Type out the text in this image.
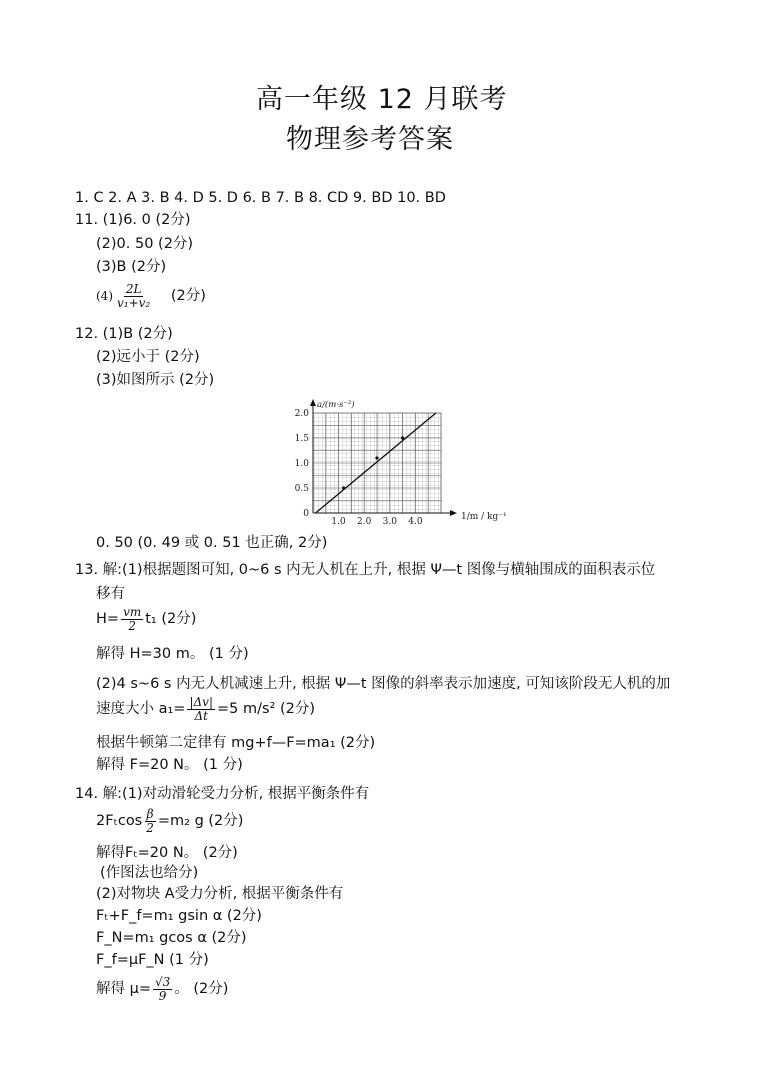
高一年级 12 月联考
物理参考答案
1. C 2. A 3. B 4. D 5. D 6. B 7. B 8. CD 9. BD 10. BD
11. (1)6. 0 (2分)
(2)0. 50 (2分)
(3)B (2分)
$(4) \frac{2L}{\text{v₁+v₂}} (2$分)
12. (1)B (2分)
(2)远小于 (2分)
(3)如图所示 (2分)
0
0.5
1.0
1.5
2.0
1.0 2.0 3.0 4.0
a/(m·s⁻²)
1/m / kg⁻¹
0. 50 (0. 49 或 0. 51 也正确, 2分)
13. 解:(1)根据题图可知, 0~6 s 内无人机在上升, 根据 Ψ—t 图像与横轴围成的面积表示位
移有
$H= \frac{vm}{2} t_1$ (2分)
解得 H=30 m。 (1 分)
(2)4 s~6 s 内无人机减速上升, 根据 Ψ—t 图像的斜率表示加速度, 可知该阶段无人机的加
速度大小 $a_1= \frac{|\Delta v|}{\Delta t} =5$ m/s² (2分)
根据牛顿第二定律有 mg+f—F=ma₁ (2分)
解得 F=20 N。 (1 分)
14. 解:(1)对动滑轮受力分析, 根据平衡条件有
$2F_t\cos \frac{\beta}{2} =m_2$ g (2分)
解得Fₜ=20 N。 (2分)
(作图法也给分)
(2)对物块 A受力分析, 根据平衡条件有
Fₜ+F_f=m₁ gsin α (2分)
F_N=m₁ gcos α (2分)
F_f=μF_N (1 分)
解得 $\mu= \frac{√3}{9}$ 。 (2分)
